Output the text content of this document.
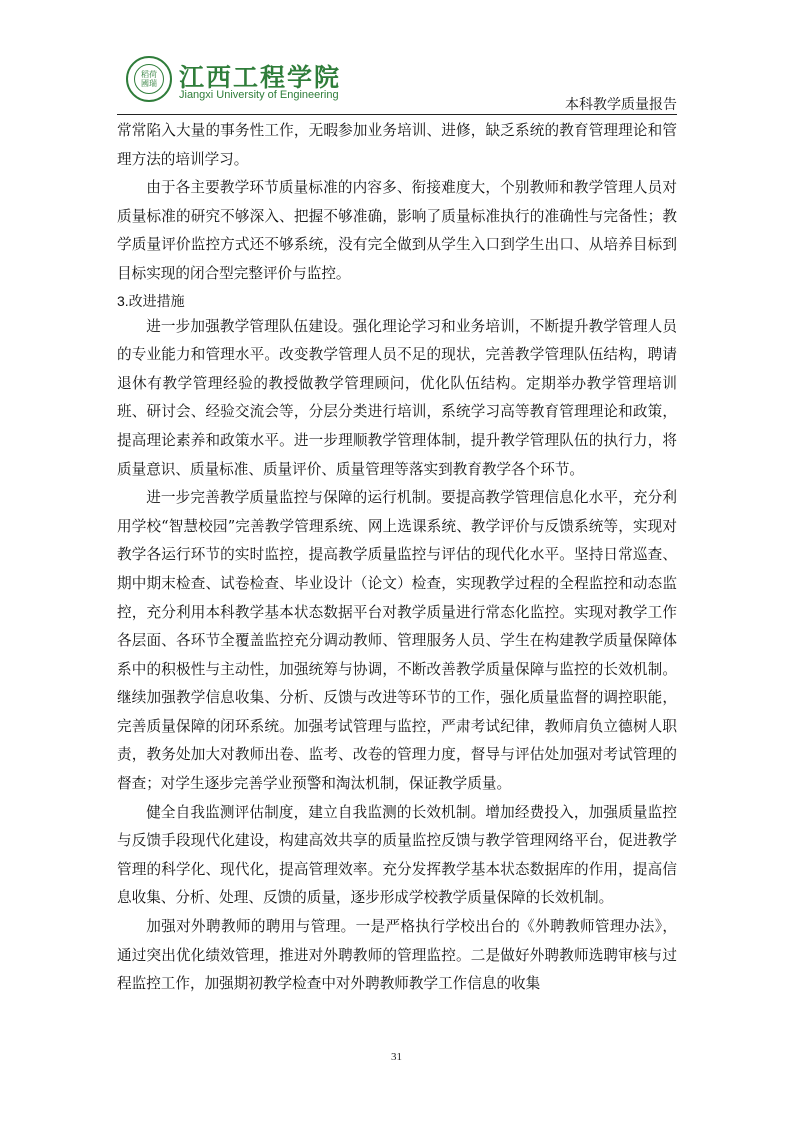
稻荷
國瑞 江西工程学院
Jiangxi University of Engineering
本科教学质量报告

常常陷入大量的事务性工作，无暇参加业务培训、进修，缺乏系统的教育管理理论和管理方法的培训学习。

由于各主要教学环节质量标准的内容多、衔接难度大，个别教师和教学管理人员对质量标准的研究不够深入、把握不够准确，影响了质量标准执行的准确性与完备性；教学质量评价监控方式还不够系统，没有完全做到从学生入口到学生出口、从培养目标到目标实现的闭合型完整评价与监控。

3.改进措施

进一步加强教学管理队伍建设。强化理论学习和业务培训，不断提升教学管理人员的专业能力和管理水平。改变教学管理人员不足的现状，完善教学管理队伍结构，聘请退休有教学管理经验的教授做教学管理顾问，优化队伍结构。定期举办教学管理培训班、研讨会、经验交流会等，分层分类进行培训，系统学习高等教育管理理论和政策，提高理论素养和政策水平。进一步理顺教学管理体制，提升教学管理队伍的执行力，将质量意识、质量标准、质量评价、质量管理等落实到教育教学各个环节。

进一步完善教学质量监控与保障的运行机制。要提高教学管理信息化水平，充分利用学校“智慧校园”完善教学管理系统、网上选课系统、教学评价与反馈系统等，实现对教学各运行环节的实时监控，提高教学质量监控与评估的现代化水平。坚持日常巡查、期中期末检查、试卷检查、毕业设计（论文）检查，实现教学过程的全程监控和动态监控，充分利用本科教学基本状态数据平台对教学质量进行常态化监控。实现对教学工作各层面、各环节全覆盖监控充分调动教师、管理服务人员、学生在构建教学质量保障体系中的积极性与主动性，加强统筹与协调，不断改善教学质量保障与监控的长效机制。继续加强教学信息收集、分析、反馈与改进等环节的工作，强化质量监督的调控职能，完善质量保障的闭环系统。加强考试管理与监控，严肃考试纪律，教师肩负立德树人职责，教务处加大对教师出卷、监考、改卷的管理力度，督导与评估处加强对考试管理的督查；对学生逐步完善学业预警和淘汰机制，保证教学质量。

健全自我监测评估制度，建立自我监测的长效机制。增加经费投入，加强质量监控与反馈手段现代化建设，构建高效共享的质量监控反馈与教学管理网络平台，促进教学管理的科学化、现代化，提高管理效率。充分发挥教学基本状态数据库的作用，提高信息收集、分析、处理、反馈的质量，逐步形成学校教学质量保障的长效机制。

加强对外聘教师的聘用与管理。一是严格执行学校出台的《外聘教师管理办法》，通过突出优化绩效管理，推进对外聘教师的管理监控。二是做好外聘教师选聘审核与过程监控工作，加强期初教学检查中对外聘教师教学工作信息的收集

31
